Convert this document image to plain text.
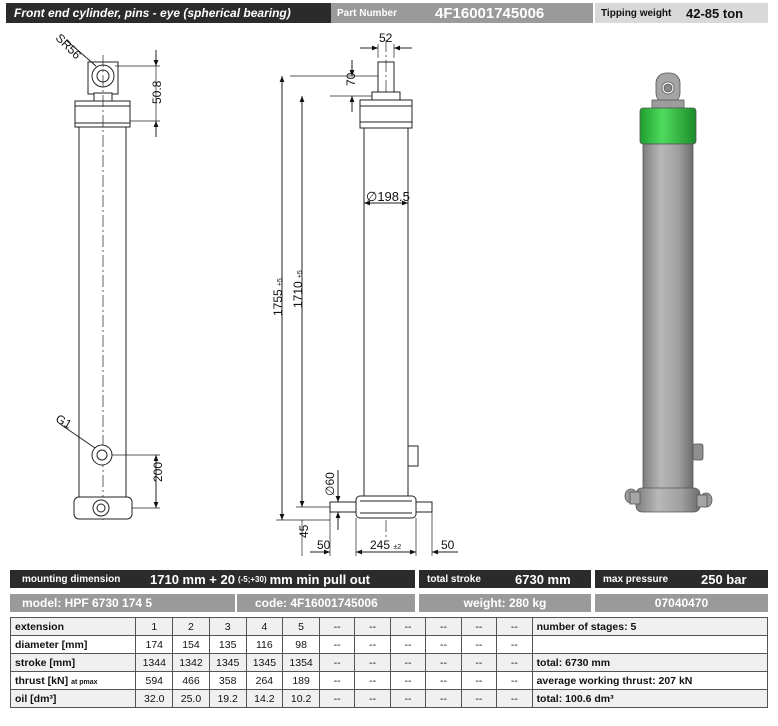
Front end cylinder, pins - eye (spherical bearing)	Part Number	4F16001745006	Tipping weight 42-85 ton
SR56
50.8
G1
200
52
70
1755 ±5 1710 ±5
∅198.5
∅60
45
50	245 ±2	50
mounting dimension 1710 mm + 20 (-5;+30) mm min pull out	total stroke	6730 mm	max pressure	250 bar
model: HPF 6730 174 5	code: 4F16001745006	weight: 280 kg	07040470
extension	1	2	3	4	5	--	--	--	--	--	--	number of stages: 5
diameter [mm]	174	154	135	116	98	--	--	--	--	--	--	
stroke [mm]	1344	1342	1345	1345	1354	--	--	--	--	--	--	total: 6730 mm
thrust [kN] at pmax	594	466	358	264	189	--	--	--	--	--	--	average working thrust: 207 kN
oil [dm³]	32.0	25.0	19.2	14.2	10.2	--	--	--	--	--	--	total: 100.6 dm³
